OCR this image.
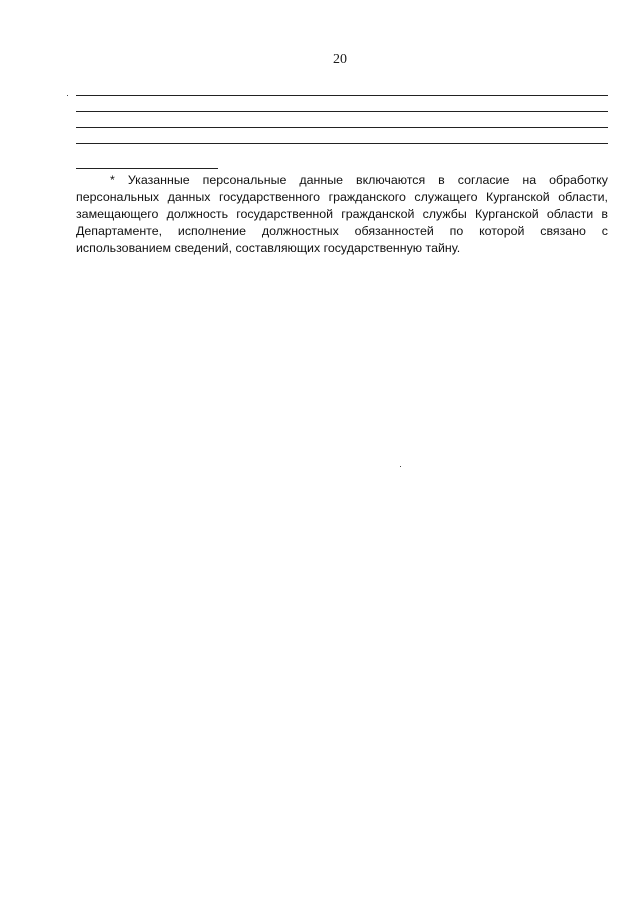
20

* Указанные персональные данные включаются в согласие на обработку персональных данных государственного гражданского служащего Курганской области, замещающего должность государственной гражданской службы Курганской области в Департаменте, исполнение должностных обязанностей по которой связано с использованием сведений, составляющих государственную тайну.
